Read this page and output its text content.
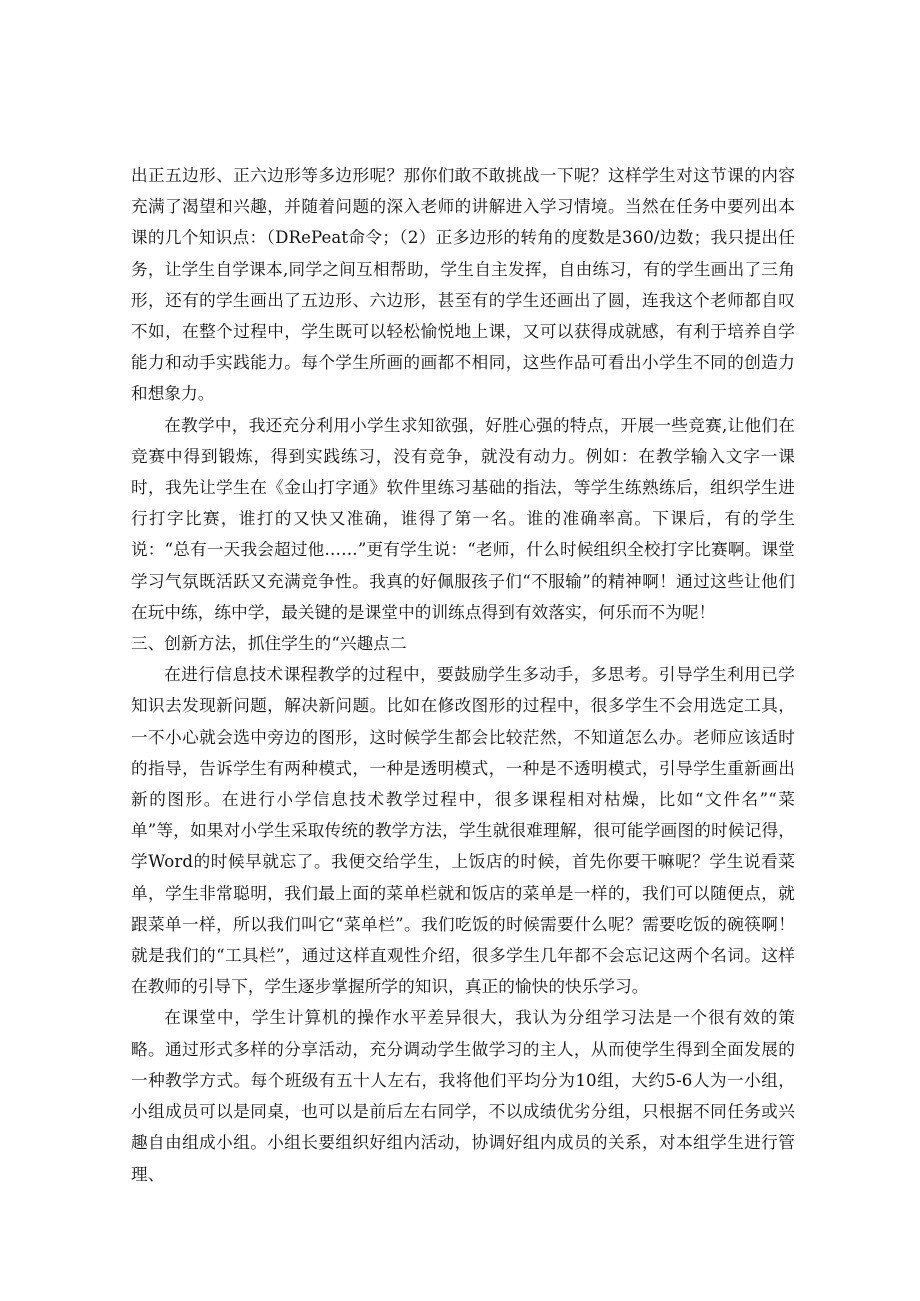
出正五边形、正六边形等多边形呢？那你们敢不敢挑战一下呢？这样学生对这节课的内容充满了渴望和兴趣，并随着问题的深入老师的讲解进入学习情境。当然在任务中要列出本课的几个知识点：（DRePeat命令；（2）正多边形的转角的度数是360/边数；我只提出任务，让学生自学课本,同学之间互相帮助，学生自主发挥，自由练习，有的学生画出了三角形，还有的学生画出了五边形、六边形，甚至有的学生还画出了圆，连我这个老师都自叹不如，在整个过程中，学生既可以轻松愉悦地上课，又可以获得成就感，有利于培养自学能力和动手实践能力。每个学生所画的画都不相同，这些作品可看出小学生不同的创造力和想象力。

在教学中，我还充分利用小学生求知欲强，好胜心强的特点，开展一些竞赛,让他们在竞赛中得到锻炼，得到实践练习，没有竞争，就没有动力。例如：在教学输入文字一课时，我先让学生在《金山打字通》软件里练习基础的指法，等学生练熟练后，组织学生进行打字比赛，谁打的又快又准确，谁得了第一名。谁的准确率高。下课后，有的学生说：“总有一天我会超过他……”更有学生说：“老师，什么时候组织全校打字比赛啊。课堂学习气氛既活跃又充满竞争性。我真的好佩服孩子们“不服输”的精神啊！通过这些让他们在玩中练，练中学，最关键的是课堂中的训练点得到有效落实，何乐而不为呢！

三、创新方法，抓住学生的“兴趣点二

在进行信息技术课程教学的过程中，要鼓励学生多动手，多思考。引导学生利用已学知识去发现新问题，解决新问题。比如在修改图形的过程中，很多学生不会用选定工具，一不小心就会选中旁边的图形，这时候学生都会比较茫然，不知道怎么办。老师应该适时的指导，告诉学生有两种模式，一种是透明模式，一种是不透明模式，引导学生重新画出新的图形。在进行小学信息技术教学过程中，很多课程相对枯燥，比如“文件名”“菜单”等，如果对小学生采取传统的教学方法，学生就很难理解，很可能学画图的时候记得，学Word的时候早就忘了。我便交给学生，上饭店的时候，首先你要干嘛呢？学生说看菜单，学生非常聪明，我们最上面的菜单栏就和饭店的菜单是一样的，我们可以随便点，就跟菜单一样，所以我们叫它“菜单栏”。我们吃饭的时候需要什么呢？需要吃饭的碗筷啊！就是我们的“工具栏”，通过这样直观性介绍，很多学生几年都不会忘记这两个名词。这样在教师的引导下，学生逐步掌握所学的知识，真正的愉快的快乐学习。

在课堂中，学生计算机的操作水平差异很大，我认为分组学习法是一个很有效的策略。通过形式多样的分享活动，充分调动学生做学习的主人，从而使学生得到全面发展的一种教学方式。每个班级有五十人左右，我将他们平均分为10组，大约5-6人为一小组，小组成员可以是同桌，也可以是前后左右同学，不以成绩优劣分组，只根据不同任务或兴趣自由组成小组。小组长要组织好组内活动，协调好组内成员的关系，对本组学生进行管理、
